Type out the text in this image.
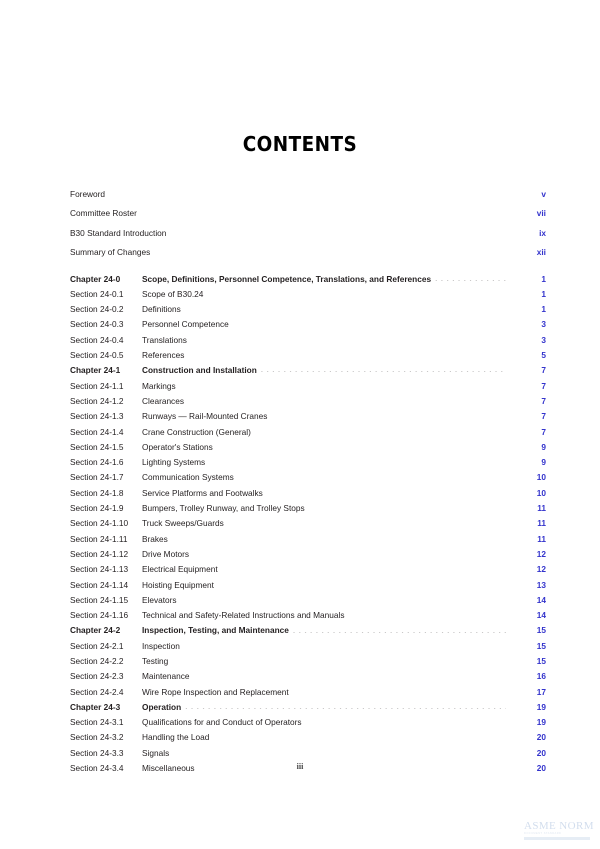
CONTENTS
Foreword . . .	v
Committee Roster . . .	vii
B30 Standard Introduction . . .	ix
Summary of Changes . . .	xii
Chapter 24-0	Scope, Definitions, Personnel Competence, Translations, and References . . .	1
Section 24-0.1	Scope of B30.24 . . .	1
Section 24-0.2	Definitions . . .	1
Section 24-0.3	Personnel Competence . . .	3
Section 24-0.4	Translations . . .	3
Section 24-0.5	References . . .	5
Chapter 24-1	Construction and Installation . . .	7
Section 24-1.1	Markings . . .	7
Section 24-1.2	Clearances . . .	7
Section 24-1.3	Runways — Rail-Mounted Cranes . . .	7
Section 24-1.4	Crane Construction (General) . . .	7
Section 24-1.5	Operator's Stations . . .	9
Section 24-1.6	Lighting Systems . . .	9
Section 24-1.7	Communication Systems . . .	10
Section 24-1.8	Service Platforms and Footwalks . . .	10
Section 24-1.9	Bumpers, Trolley Runway, and Trolley Stops . . .	11
Section 24-1.10	Truck Sweeps/Guards . . .	11
Section 24-1.11	Brakes . . .	11
Section 24-1.12	Drive Motors . . .	12
Section 24-1.13	Electrical Equipment . . .	12
Section 24-1.14	Hoisting Equipment . . .	13
Section 24-1.15	Elevators . . .	14
Section 24-1.16	Technical and Safety-Related Instructions and Manuals . . .	14
Chapter 24-2	Inspection, Testing, and Maintenance . . .	15
Section 24-2.1	Inspection . . .	15
Section 24-2.2	Testing . . .	15
Section 24-2.3	Maintenance . . .	16
Section 24-2.4	Wire Rope Inspection and Replacement . . .	17
Chapter 24-3	Operation . . .	19
Section 24-3.1	Qualifications for and Conduct of Operators . . .	19
Section 24-3.2	Handling the Load . . .	20
Section 24-3.3	Signals . . .	20
Section 24-3.4	Miscellaneous . . .	20
iii
ASME NORM
DOCUMENT STANDARD
